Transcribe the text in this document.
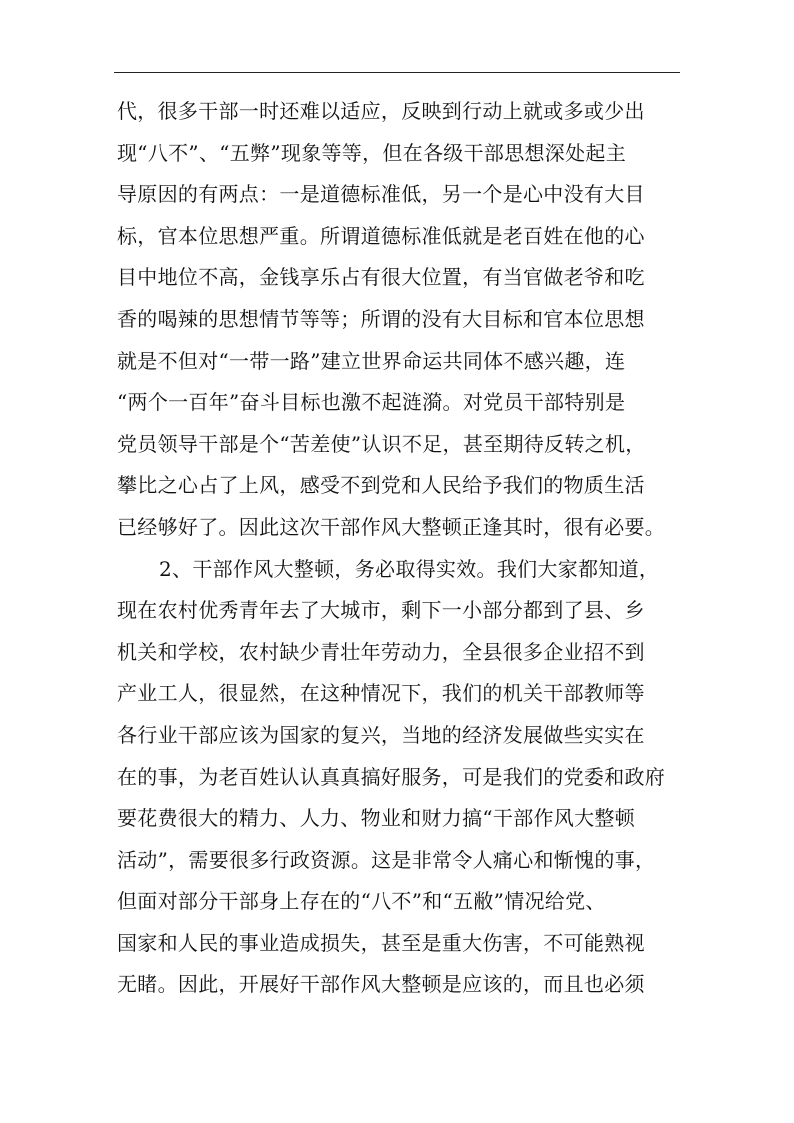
代，很多干部一时还难以适应，反映到行动上就或多或少出
现“八不”、“五弊”现象等等，但在各级干部思想深处起主
导原因的有两点：一是道德标准低，另一个是心中没有大目
标，官本位思想严重。所谓道德标准低就是老百姓在他的心
目中地位不高，金钱享乐占有很大位置，有当官做老爷和吃
香的喝辣的思想情节等等；所谓的没有大目标和官本位思想
就是不但对“一带一路”建立世界命运共同体不感兴趣，连
“两个一百年”奋斗目标也激不起涟漪。对党员干部特别是
党员领导干部是个“苦差使”认识不足，甚至期待反转之机，
攀比之心占了上风，感受不到党和人民给予我们的物质生活
已经够好了。因此这次干部作风大整顿正逢其时，很有必要。
2、干部作风大整顿，务必取得实效。我们大家都知道，
现在农村优秀青年去了大城市，剩下一小部分都到了县、乡
机关和学校，农村缺少青壮年劳动力，全县很多企业招不到
产业工人，很显然，在这种情况下，我们的机关干部教师等
各行业干部应该为国家的复兴，当地的经济发展做些实实在
在的事，为老百姓认认真真搞好服务，可是我们的党委和政府
要花费很大的精力、人力、物业和财力搞“干部作风大整顿
活动”，需要很多行政资源。这是非常令人痛心和惭愧的事，
但面对部分干部身上存在的“八不”和“五敝”情况给党、
国家和人民的事业造成损失，甚至是重大伤害，不可能熟视
无睹。因此，开展好干部作风大整顿是应该的，而且也必须
